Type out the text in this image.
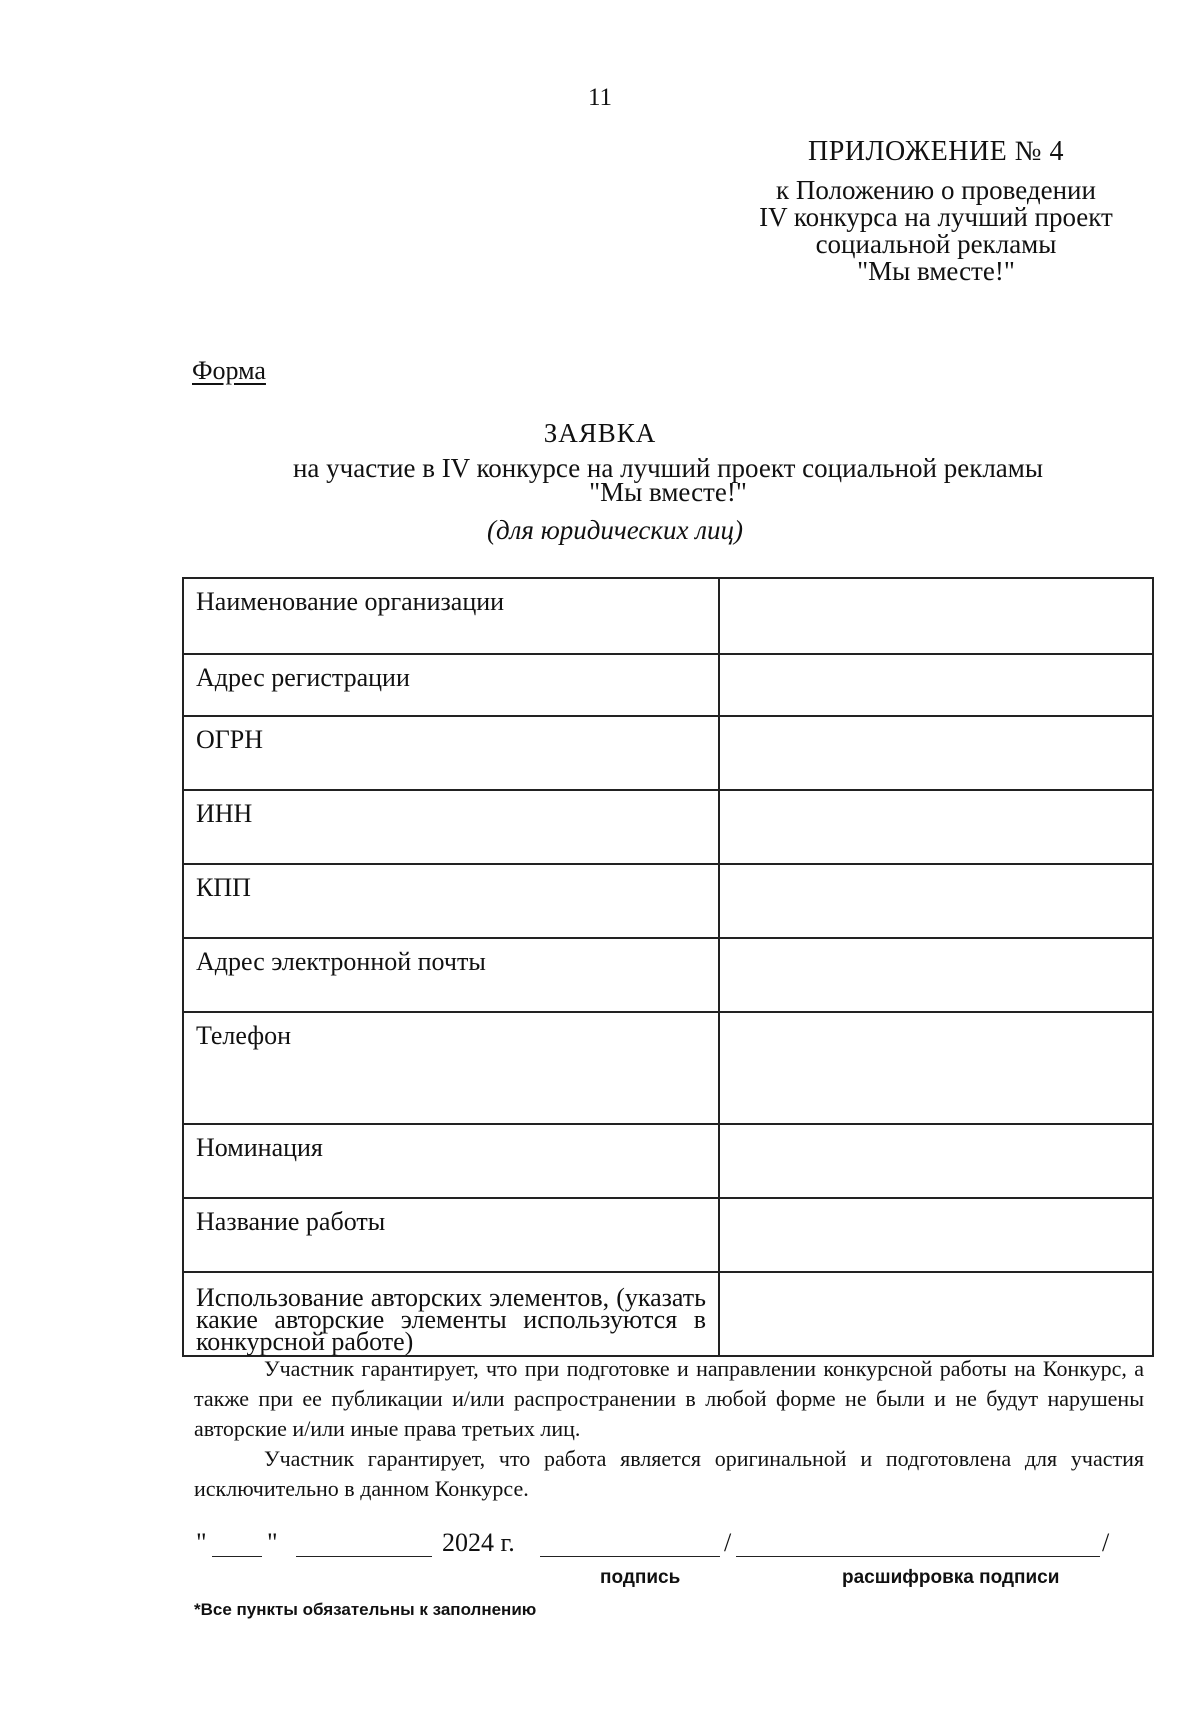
11
ПРИЛОЖЕНИЕ № 4
к Положению о проведении
IV конкурса на лучший проект
социальной рекламы
"Мы вместе!"
Форма
ЗАЯВКА
на участие в IV конкурсе на лучший проект социальной рекламы
"Мы вместе!"
(для юридических лиц)
Наименование организации	
Адрес регистрации	
ОГРН	
ИНН	
КПП	
Адрес электронной почты	
Телефон	
Номинация	
Название работы	
Использование авторских элементов, (указать какие авторские элементы используются в конкурсной работе)	
Участник гарантирует, что при подготовке и направлении конкурсной работы на Конкурс, а также при ее публикации и/или распространении в любой форме не были и не будут нарушены авторские и/или иные права третьих лиц.
Участник гарантирует, что работа является оригинальной и подготовлена для участия исключительно в данном Конкурсе.
" "	2024 г.	/	/
подпись	расшифровка подписи
*Все пункты обязательны к заполнению
